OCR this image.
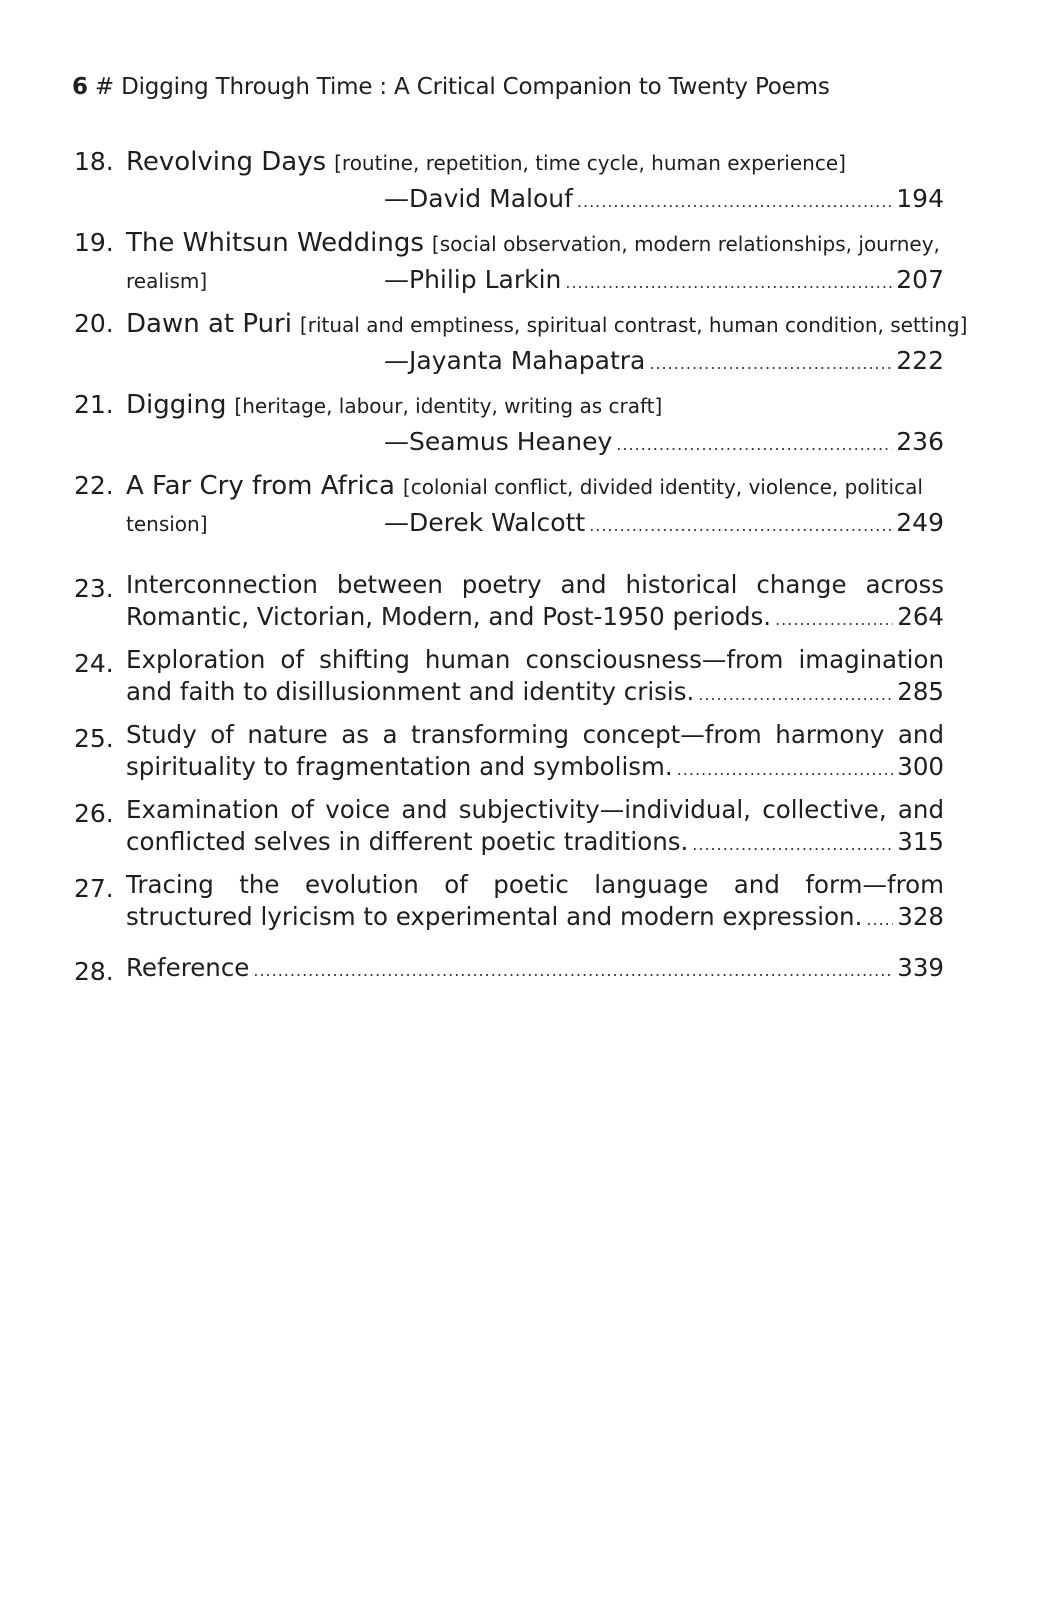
6 # Digging Through Time : A Critical Companion to Twenty Poems
18. Revolving Days [routine, repetition, time cycle, human experience]
—David Malouf .....	194
19. The Whitsun Weddings [social observation, modern relationships, journey,
realism]	—Philip Larkin .....	207
20. Dawn at Puri [ritual and emptiness, spiritual contrast, human condition, setting]
—Jayanta Mahapatra .....	222
21. Digging [heritage, labour, identity, writing as craft]
—Seamus Heaney .....	236
22. A Far Cry from Africa [colonial conflict, divided identity, violence, political
tension]	—Derek Walcott .....	249
23. Interconnection between poetry and historical change across
Romantic, Victorian, Modern, and Post-1950 periods. .....	264
24. Exploration of shifting human consciousness—from imagination
and faith to disillusionment and identity crisis. .....	285
25. Study of nature as a transforming concept—from harmony and
spirituality to fragmentation and symbolism. .....	300
26. Examination of voice and subjectivity—individual, collective, and
conflicted selves in different poetic traditions. .....	315
27. Tracing the evolution of poetic language and form—from
structured lyricism to experimental and modern expression. ..... 328
28. Reference .....	339
